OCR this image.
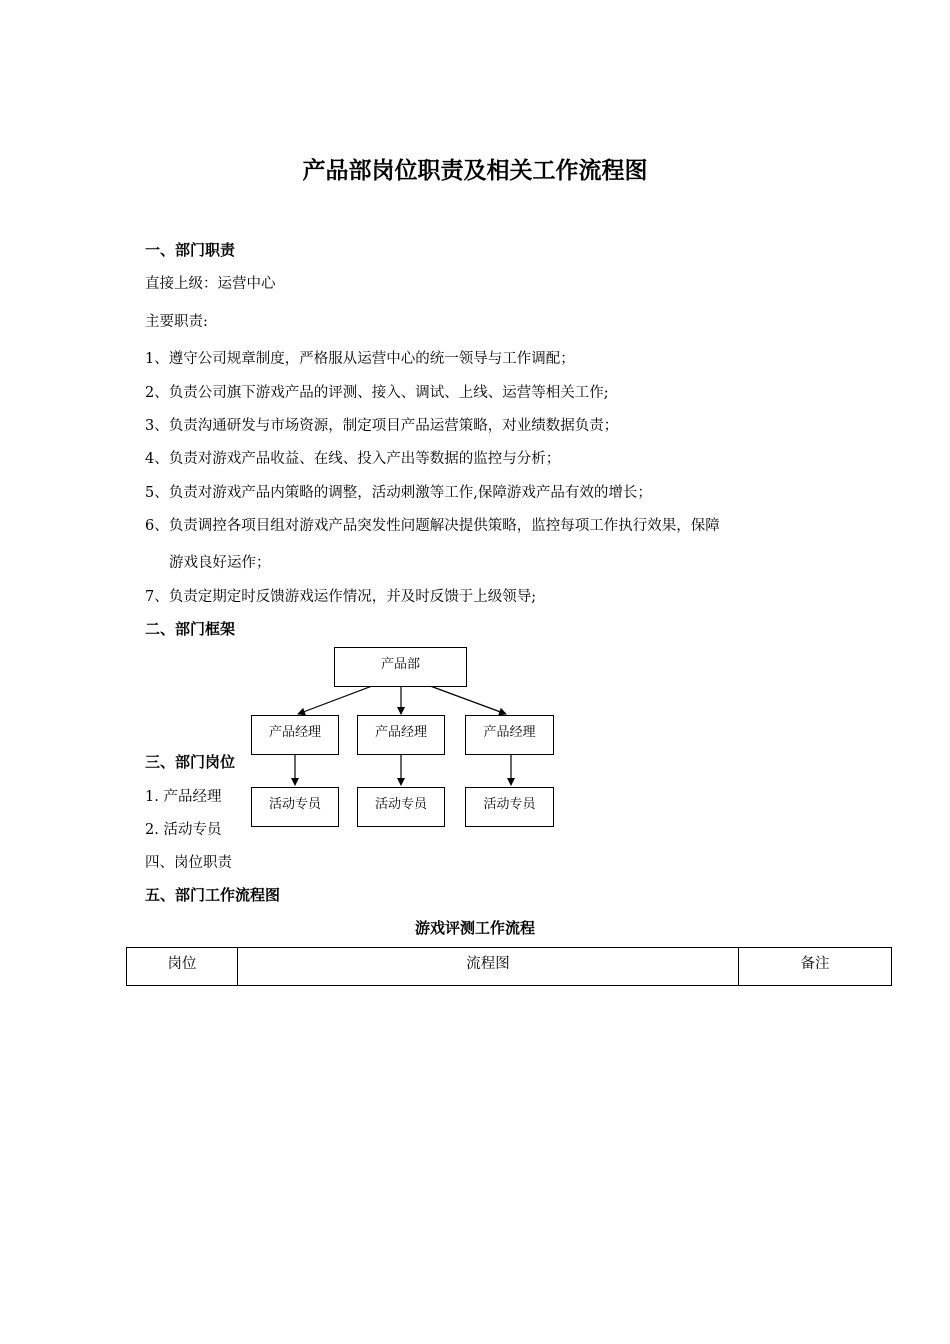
产品部岗位职责及相关工作流程图
一、部门职责
直接上级：运营中心
主要职责:
1、遵守公司规章制度，严格服从运营中心的统一领导与工作调配；
2、负责公司旗下游戏产品的评测、接入、调试、上线、运营等相关工作;
3、负责沟通研发与市场资源，制定项目产品运营策略，对业绩数据负责；
4、负责对游戏产品收益、在线、投入产出等数据的监控与分析；
5、负责对游戏产品内策略的调整，活动刺激等工作,保障游戏产品有效的增长；
6、负责调控各项目组对游戏产品突发性问题解决提供策略，监控每项工作执行效果，保障
游戏良好运作；
7、负责定期定时反馈游戏运作情况，并及时反馈于上级领导;
二、部门框架
产品部
产品经理	产品经理	产品经理
活动专员	活动专员	活动专员
三、部门岗位
1. 产品经理
2. 活动专员
四、岗位职责
五、部门工作流程图
游戏评测工作流程
岗位	流程图	备注
